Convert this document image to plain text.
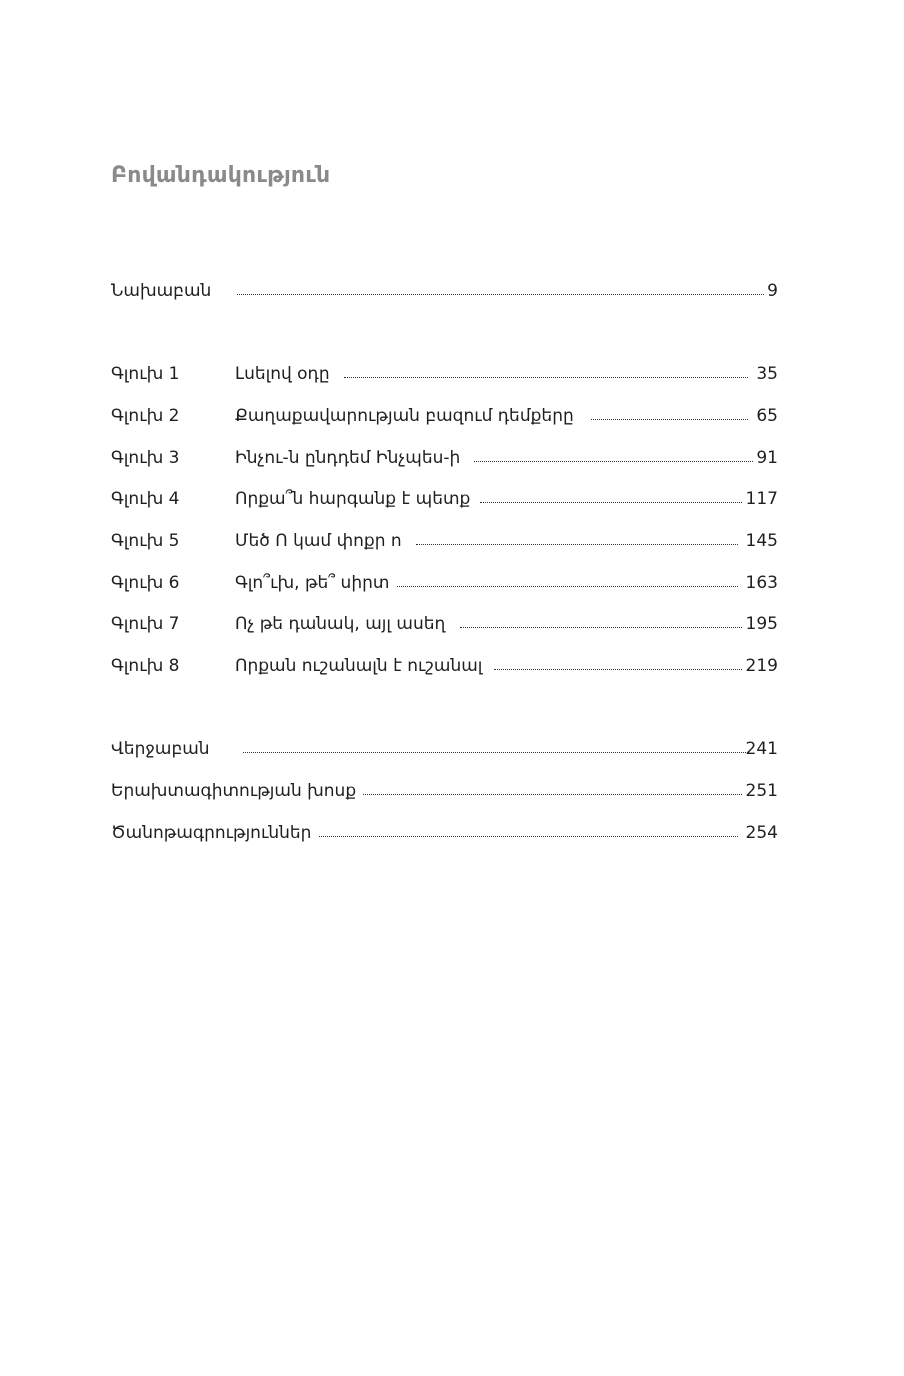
Բովանդակություն
Նախաբան	9
Գլուխ 1	Լսելով օդը	35
Գլուխ 2	Քաղաքավարության բազում դեմքերը	65
Գլուխ 3	Ինչու-ն ընդդեմ Ինչպես-ի	91
Գլուխ 4	Որքա՞ն հարգանք է պետք	117
Գլուխ 5	Մեծ Ո կամ փոքր ո	145
Գլուխ 6	Գլո՞ւխ, թե՞ սիրտ	163
Գլուխ 7	Ոչ թե դանակ, այլ ասեղ	195
Գլուխ 8	Որքան ուշանալն է ուշանալ	219
Վերջաբան	241
Երախտագիտության խոսք	251
Ծանոթագրություններ	254
